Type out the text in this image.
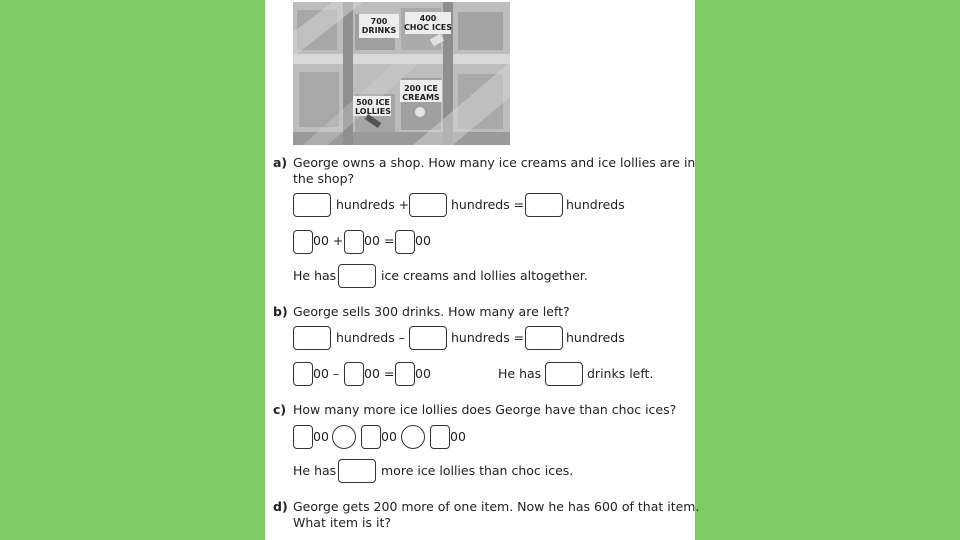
700
DRINKS
400
CHOC ICES
200 ICE
CREAMS
500 ICE
LOLLIES
a) George owns a shop. How many ice creams and ice lollies are in
the shop?
hundreds +	hundreds =	hundreds
00 + 00 = 00
He has	ice creams and lollies altogether.
b) George sells 300 drinks. How many are left?
hundreds –	hundreds =	hundreds
00 – 00 = 00	He has	drinks left.
c) How many more ice lollies does George have than choc ices?
00	00	00
He has	more ice lollies than choc ices.
d) George gets 200 more of one item. Now he has 600 of that item.
What item is it?
